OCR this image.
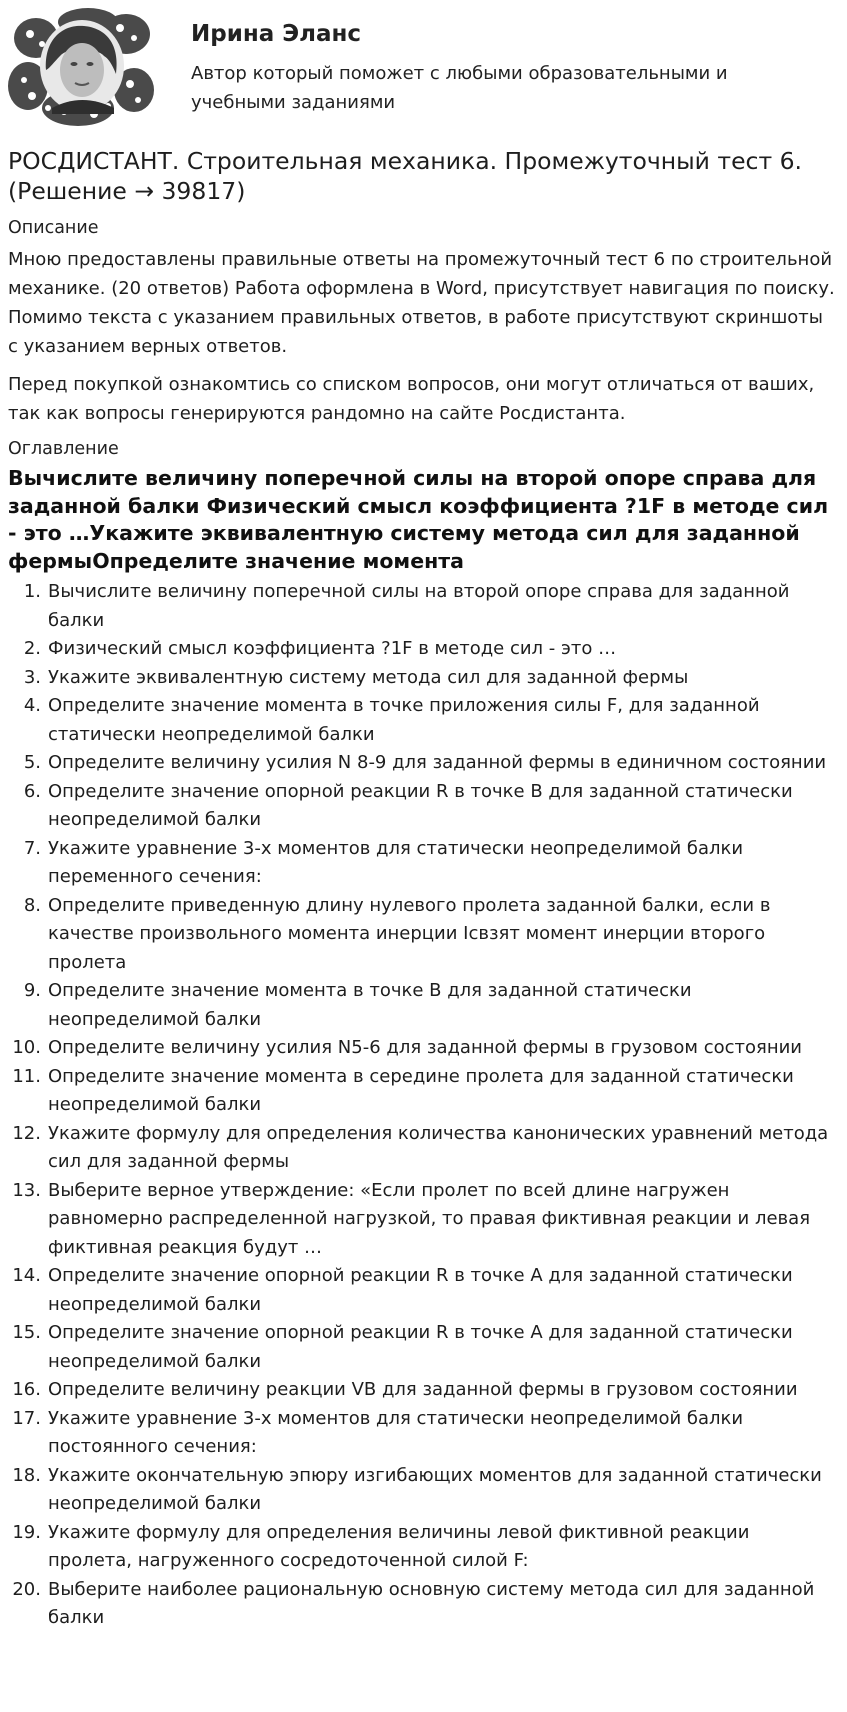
Ирина Эланс
Автор который поможет с любыми образовательными и учебными заданиями
РОСДИСТАНТ. Строительная механика. Промежуточный тест 6. (Решение → 39817)
Описание

Мною предоставлены правильные ответы на промежуточный тест 6 по строительной механике. (20 ответов) Работа оформлена в Word, присутствует навигация по поиску. Помимо текста с указанием правильных ответов, в работе присутствуют скриншоты с указанием верных ответов.

Перед покупкой ознакомтись со списком вопросов, они могут отличаться от ваших, так как вопросы генерируются рандомно на сайте Росдистанта.

Оглавление
Вычислите величину поперечной силы на второй опоре справа для заданной балки Физический смысл коэффициента ?1F в методе сил - это …Укажите эквивалентную систему метода сил для заданной фермыОпределите значение момента
1. Вычислите величину поперечной силы на второй опоре справа для заданной балки
2. Физический смысл коэффициента ?1F в методе сил - это …
3. Укажите эквивалентную систему метода сил для заданной фермы
4. Определите значение момента в точке приложения силы F, для заданной статически неопределимой балки
5. Определите величину усилия N 8-9 для заданной фермы в единичном состоянии
6. Определите значение опорной реакции R в точке B для заданной статически неопределимой балки
7. Укажите уравнение 3-х моментов для статически неопределимой балки переменного сечения:
8. Определите приведенную длину нулевого пролета заданной балки, если в качестве произвольного момента инерции Iсвзят момент инерции второго пролета
9. Определите значение момента в точке B для заданной статически неопределимой балки
10. Определите величину усилия N5-6 для заданной фермы в грузовом состоянии
11. Определите значение момента в середине пролета для заданной статически неопределимой балки
12. Укажите формулу для определения количества канонических уравнений метода сил для заданной фермы
13. Выберите верное утверждение: «Если пролет по всей длине нагружен равномерно распределенной нагрузкой, то правая фиктивная реакции и левая фиктивная реакция будут …
14. Определите значение опорной реакции R в точке A для заданной статически неопределимой балки
15. Определите значение опорной реакции R в точке A для заданной статически неопределимой балки
16. Определите величину реакции VB для заданной фермы в грузовом состоянии
17. Укажите уравнение 3-х моментов для статически неопределимой балки постоянного сечения:
18. Укажите окончательную эпюру изгибающих моментов для заданной статически неопределимой балки
19. Укажите формулу для определения величины левой фиктивной реакции пролета, нагруженного сосредоточенной силой F:
20. Выберите наиболее рациональную основную систему метода сил для заданной балки
